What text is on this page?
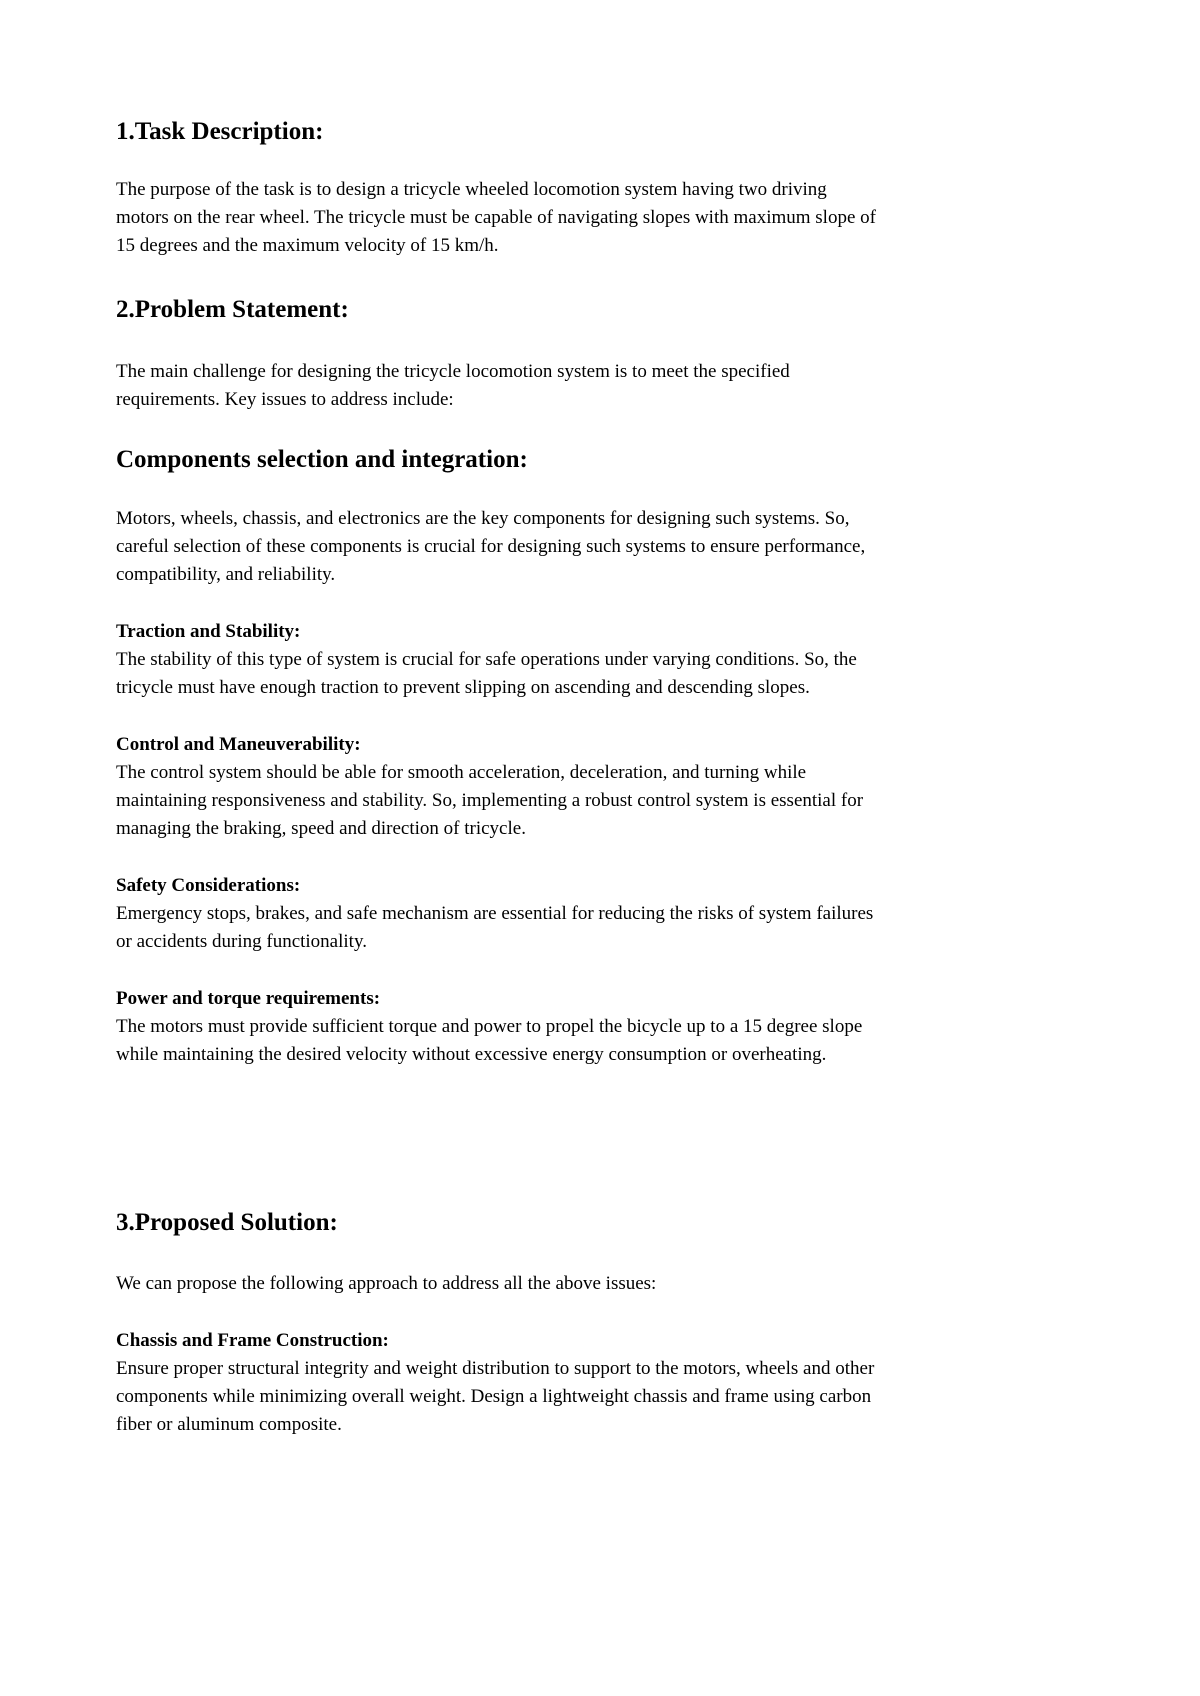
1.Task Description:
The purpose of the task is to design a tricycle wheeled locomotion system having two driving
motors on the rear wheel. The tricycle must be capable of navigating slopes with maximum slope of
15 degrees and the maximum velocity of 15 km/h.
2.Problem Statement:
The main challenge for designing the tricycle locomotion system is to meet the specified
requirements. Key issues to address include:
Components selection and integration:
Motors, wheels, chassis, and electronics are the key components for designing such systems. So,
careful selection of these components is crucial for designing such systems to ensure performance,
compatibility, and reliability.
Traction and Stability:
The stability of this type of system is crucial for safe operations under varying conditions. So, the
tricycle must have enough traction to prevent slipping on ascending and descending slopes.
Control and Maneuverability:
The control system should be able for smooth acceleration, deceleration, and turning while
maintaining responsiveness and stability. So, implementing a robust control system is essential for
managing the braking, speed and direction of tricycle.
Safety Considerations:
Emergency stops, brakes, and safe mechanism are essential for reducing the risks of system failures
or accidents during functionality.
Power and torque requirements:
The motors must provide sufficient torque and power to propel the bicycle up to a 15 degree slope
while maintaining the desired velocity without excessive energy consumption or overheating.
3.Proposed Solution:
We can propose the following approach to address all the above issues:
Chassis and Frame Construction:
Ensure proper structural integrity and weight distribution to support to the motors, wheels and other
components while minimizing overall weight. Design a lightweight chassis and frame using carbon
fiber or aluminum composite.
